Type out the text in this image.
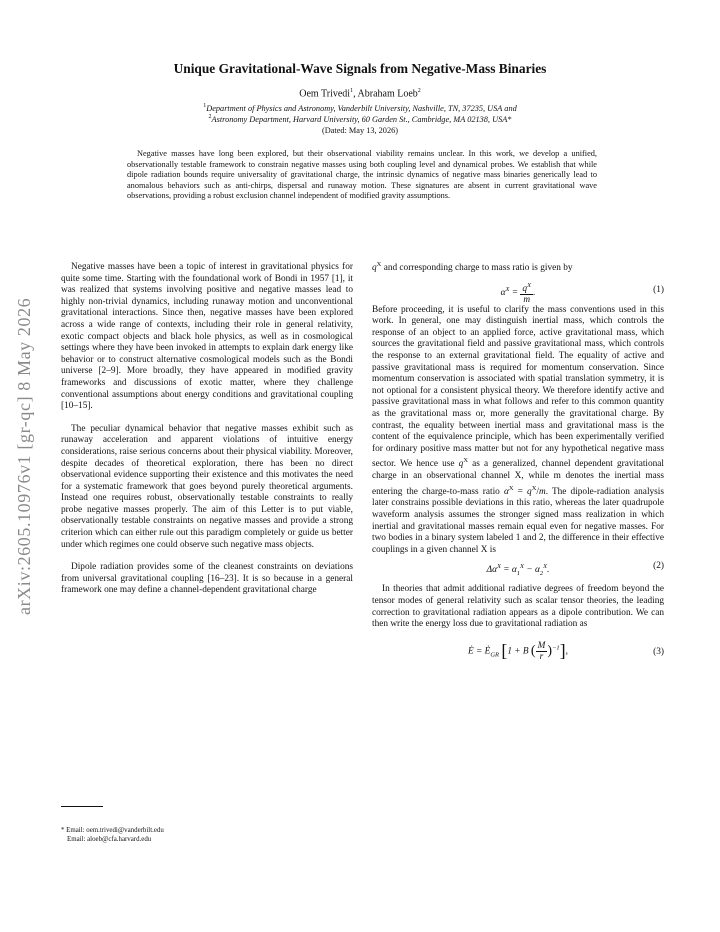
arXiv:2605.10976v1 [gr-qc] 8 May 2026
Unique Gravitational-Wave Signals from Negative-Mass Binaries
Oem Trivedi$^1$, Abraham Loeb$^2$
$^1$Department of Physics and Astronomy, Vanderbilt University, Nashville, TN, 37235, USA and
$^2$Astronomy Department, Harvard University, 60 Garden St., Cambridge, MA 02138, USA*
(Dated: May 13, 2026)

Negative masses have long been explored, but their observational viability remains unclear. In this work, we develop a unified, observationally testable framework to constrain negative masses using both coupling level and dynamical probes. We establish that while dipole radiation bounds require universality of gravitational charge, the intrinsic dynamics of negative mass binaries generically lead to anomalous behaviors such as anti-chirps, dispersal and runaway motion. These signatures are absent in current gravitational wave observations, providing a robust exclusion channel independent of modified gravity assumptions.

Negative masses have been a topic of interest in gravitational physics for quite some time. Starting with the foundational work of Bondi in 1957 [1], it was realized that systems involving positive and negative masses lead to highly non-trivial dynamics, including runaway motion and unconventional gravitational interactions. Since then, negative masses have been explored across a wide range of contexts, including their role in general relativity, exotic compact objects and black hole physics, as well as in cosmological settings where they have been invoked in attempts to explain dark energy like behavior or to construct alternative cosmological models such as the Bondi universe [2–9]. More broadly, they have appeared in modified gravity frameworks and discussions of exotic matter, where they challenge conventional assumptions about energy conditions and gravitational coupling [10–15].

The peculiar dynamical behavior that negative masses exhibit such as runaway acceleration and apparent violations of intuitive energy considerations, raise serious concerns about their physical viability. Moreover, despite decades of theoretical exploration, there has been no direct observational evidence supporting their existence and this motivates the need for a systematic framework that goes beyond purely theoretical arguments. Instead one requires robust, observationally testable constraints to really probe negative masses properly. The aim of this Letter is to put viable, observationally testable constraints on negative masses and provide a strong criterion which can either rule out this paradigm completely or guide us better under which regimes one could observe such negative mass objects.

Dipole radiation provides some of the cleanest constraints on deviations from universal gravitational coupling [16–23]. It is so because in a general framework one may define a channel-dependent gravitational charge

$q^X$ and corresponding charge to mass ratio is given by

$\alpha^X = \frac{q^X}{m}$ .	(1)

Before proceeding, it is useful to clarify the mass conventions used in this work. In general, one may distinguish inertial mass, which controls the response of an object to an applied force, active gravitational mass, which sources the gravitational field and passive gravitational mass, which controls the response to an external gravitational field. The equality of active and passive gravitational mass is required for momentum conservation. Since momentum conservation is associated with spatial translation symmetry, it is not optional for a consistent physical theory. We therefore identify active and passive gravitational mass in what follows and refer to this common quantity as the gravitational mass or, more generally the gravitational charge. By contrast, the equality between inertial mass and gravitational mass is the content of the equivalence principle, which has been experimentally verified for ordinary positive mass matter but not for any hypothetical negative mass sector. We hence use $q^X$ as a generalized, channel dependent gravitational charge in an observational channel X, while m denotes the inertial mass entering the charge-to-mass ratio $\alpha^X = q^X/m$. The dipole-radiation analysis later constrains possible deviations in this ratio, whereas the later quadrupole waveform analysis assumes the stronger signed mass realization in which inertial and gravitational masses remain equal even for negative masses. For two bodies in a binary system labeled 1 and 2, the difference in their effective couplings in a given channel X is

$\Delta\alpha^X = \alpha_1^X - \alpha_2^X$.	(2)

In theories that admit additional radiative degrees of freedom beyond the tensor modes of general relativity such as scalar tensor theories, the leading correction to gravitational radiation appears as a dipole contribution. We can then write the energy loss due to gravitational radiation as

Ė = $Ė_{GR}$ [1 + B ( $\frac{M}{r} )^{-1}$],	(3)
* Email: oem.trivedi@vanderbilt.edu
Email: aloeb@cfa.harvard.edu
